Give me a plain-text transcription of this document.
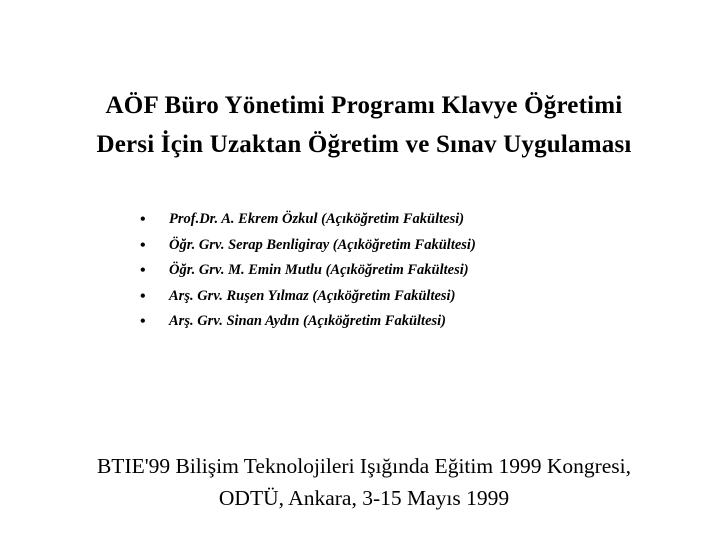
AÖF Büro Yönetimi Programı Klavye Öğretimi
Dersi İçin Uzaktan Öğretim ve Sınav Uygulaması
• Prof.Dr. A. Ekrem Özkul (Açıköğretim Fakültesi)
• Öğr. Grv. Serap Benligiray (Açıköğretim Fakültesi)
• Öğr. Grv. M. Emin Mutlu (Açıköğretim Fakültesi)
• Arş. Grv. Ruşen Yılmaz (Açıköğretim Fakültesi)
• Arş. Grv. Sinan Aydın (Açıköğretim Fakültesi)
BTIE'99 Bilişim Teknolojileri Işığında Eğitim 1999 Kongresi,
ODTÜ, Ankara, 3-15 Mayıs 1999
